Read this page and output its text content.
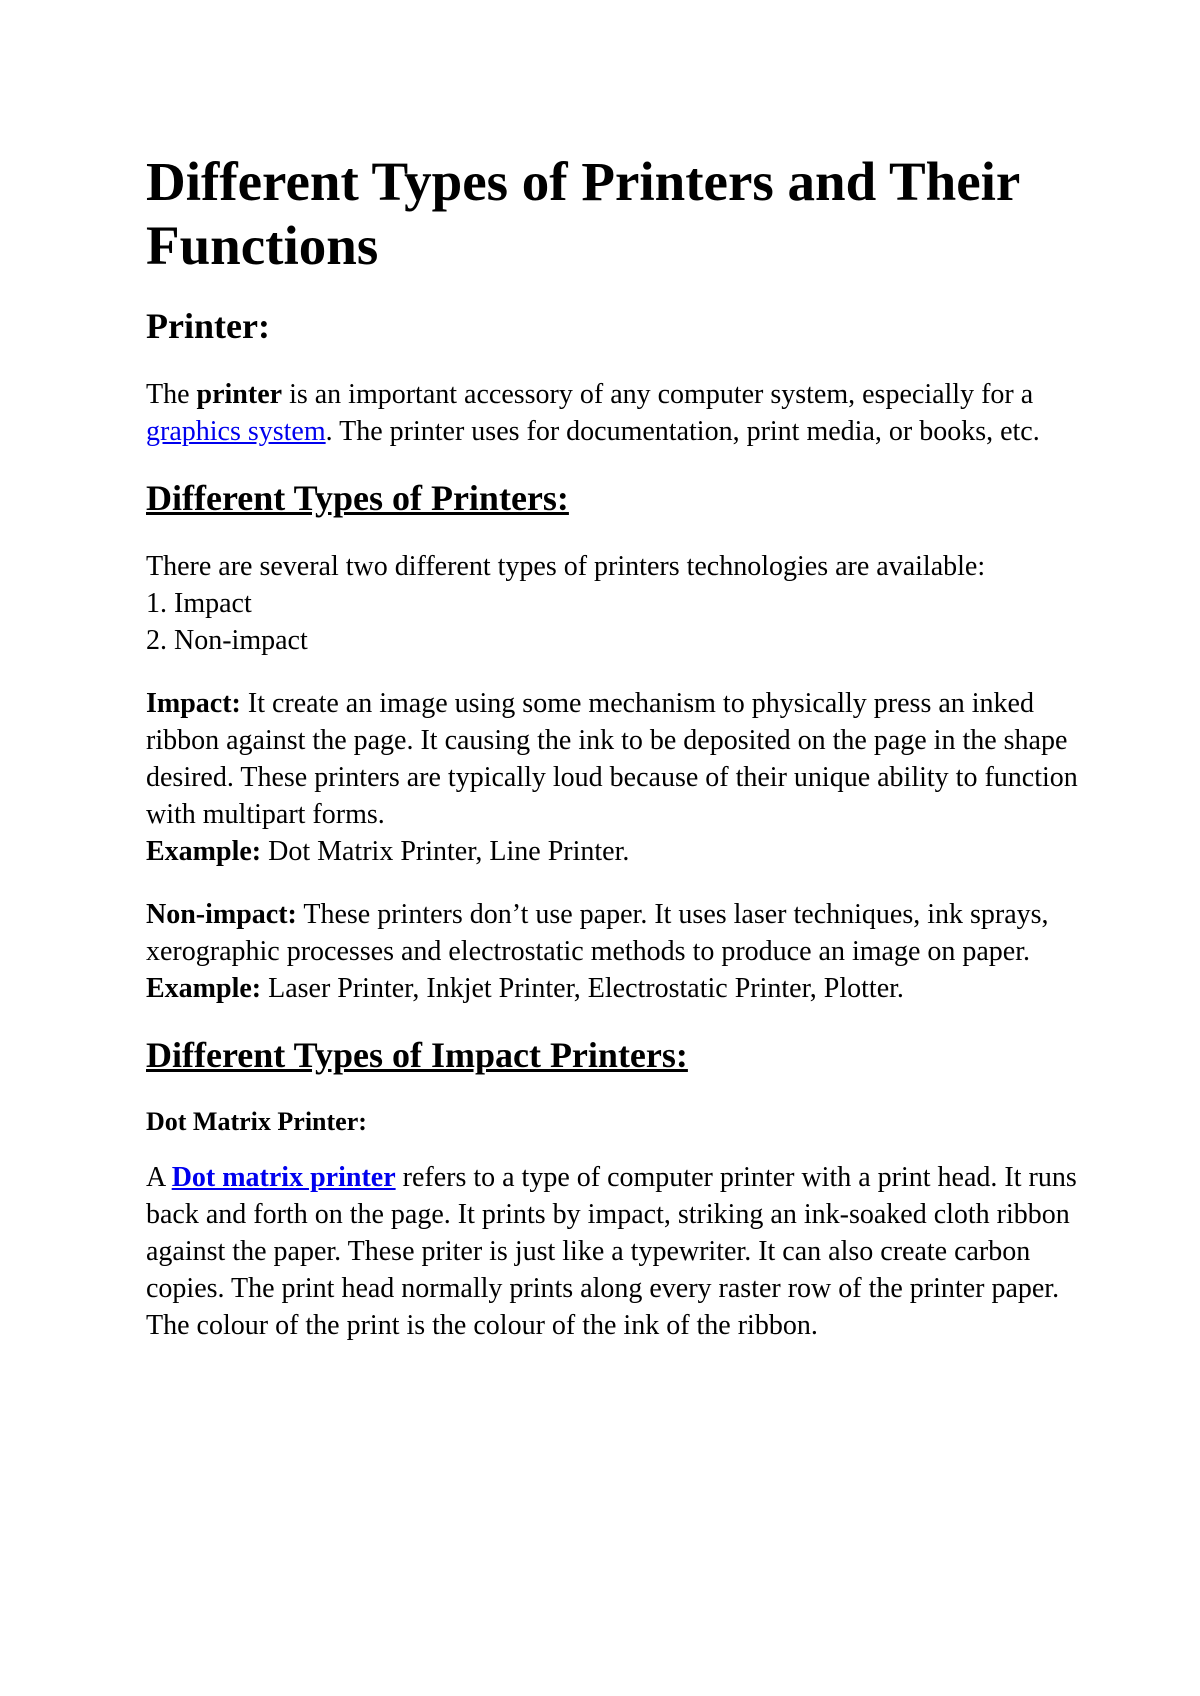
Different Types of Printers and Their Functions
Printer:

The printer is an important accessory of any computer system, especially for a graphics system. The printer uses for documentation, print media, or books, etc.

Different Types of Printers:

There are several two different types of printers technologies are available:
1. Impact
2. Non-impact

Impact: It create an image using some mechanism to physically press an inked ribbon against the page. It causing the ink to be deposited on the page in the shape desired. These printers are typically loud because of their unique ability to function with multipart forms.
Example: Dot Matrix Printer, Line Printer.

Non-impact: These printers don’t use paper. It uses laser techniques, ink sprays, xerographic processes and electrostatic methods to produce an image on paper.
Example: Laser Printer, Inkjet Printer, Electrostatic Printer, Plotter.

Different Types of Impact Printers:
Dot Matrix Printer:

A Dot matrix printer refers to a type of computer printer with a print head. It runs back and forth on the page. It prints by impact, striking an ink-soaked cloth ribbon against the paper. These priter is just like a typewriter. It can also create carbon copies. The print head normally prints along every raster row of the printer paper. The colour of the print is the colour of the ink of the ribbon.
